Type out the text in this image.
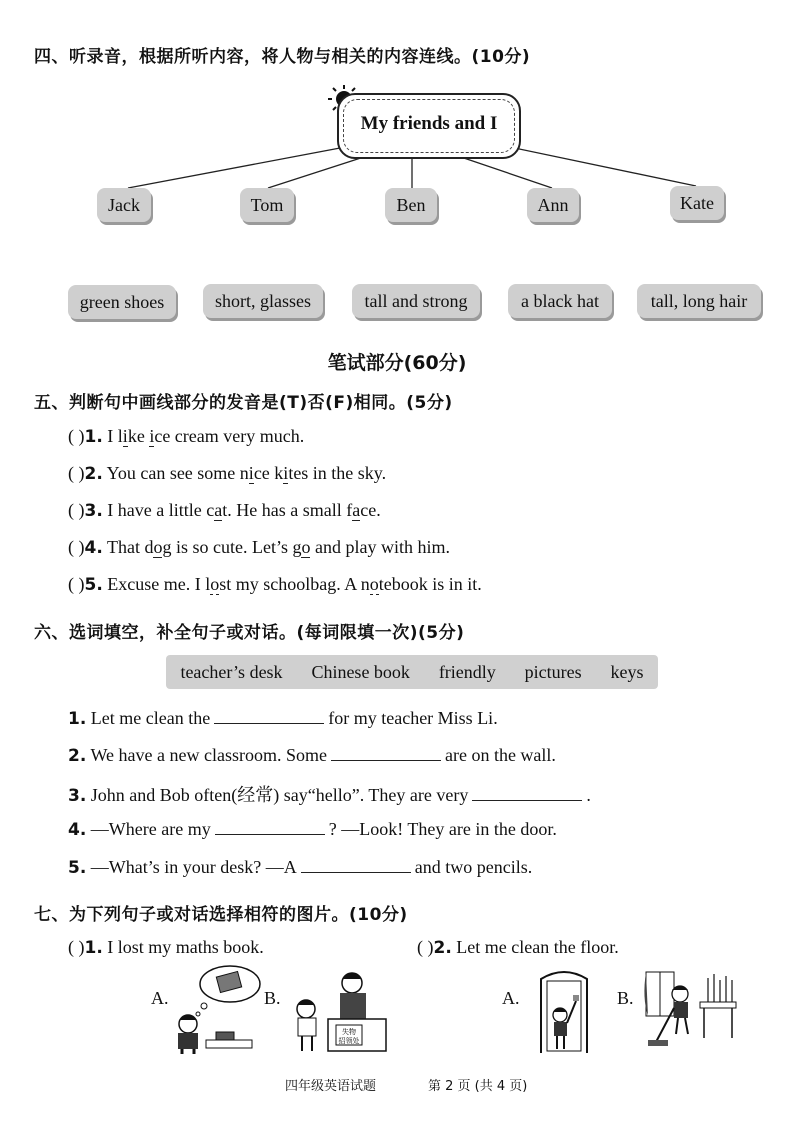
四、听录音，根据所听内容，将人物与相关的内容连线。(10分)
My friends and I
Jack	Tom	Ben	Ann	Kate
green shoes	short, glasses	tall and strong	a black hat	tall, long hair
笔试部分(60分)
五、判断句中画线部分的发音是(T)否(F)相同。(5分)
( )1. I like ice cream very much.
( )2. You can see some nice kites in the sky.
( )3. I have a little cat. He has a small face.
( )4. That dog is so cute. Let’s go and play with him.
( )5. Excuse me. I lost my schoolbag. A notebook is in it.
六、选词填空，补全句子或对话。(每词限填一次)(5分)
teacher’s desk Chinese book friendly pictures keys
1. Let me clean the	for my teacher Miss Li.
2. We have a new classroom. Some	are on the wall.
3. John and Bob often(经常) say“hello”. They are very	.
4. —Where are my	? —Look! They are in the door.
5. —What’s in your desk? —A	and two pencils.
七、为下列句子或对话选择相符的图片。(10分)
( )1. I lost my maths book.	( )2. Let me clean the floor.
A.	B.	A.	B.
失物
招领处
四年级英语试题	第 2 页 (共 4 页)
